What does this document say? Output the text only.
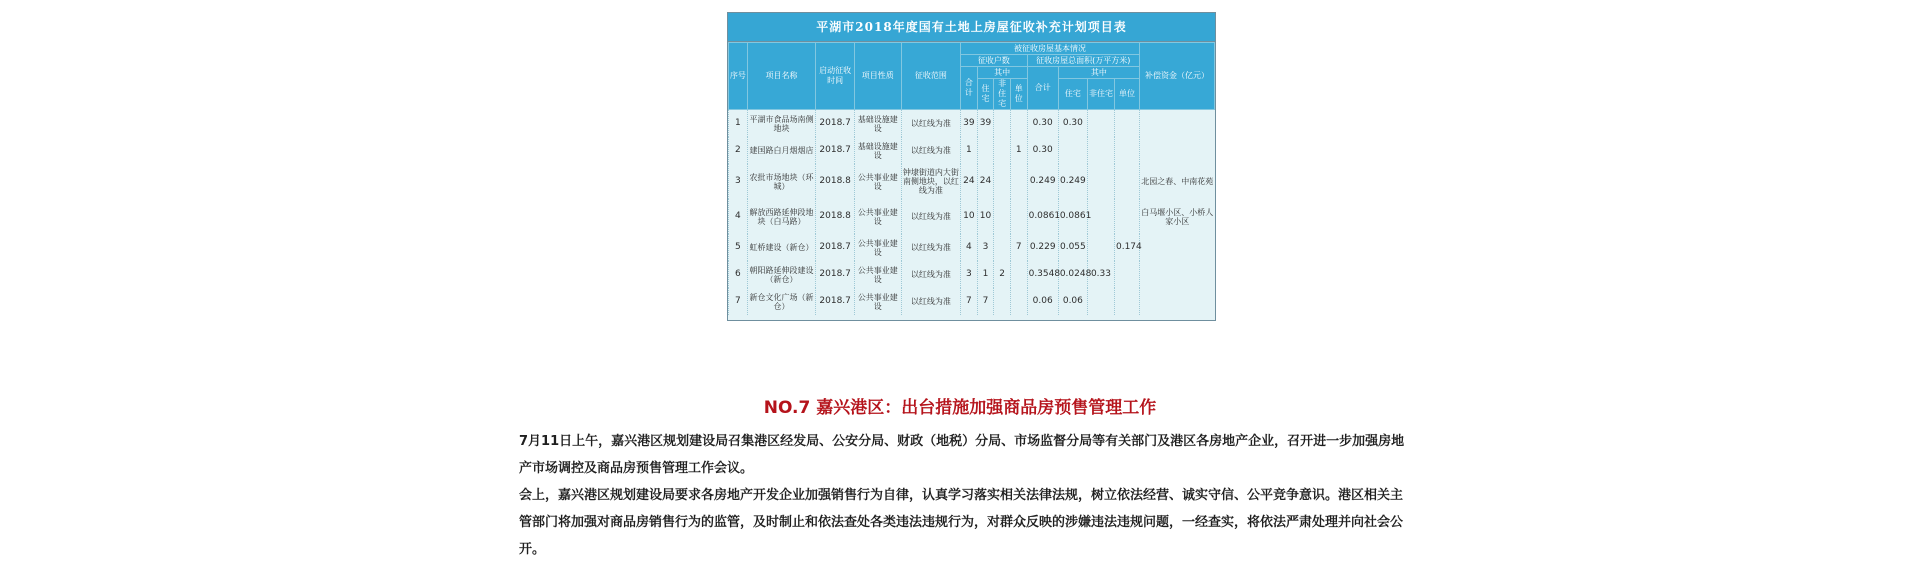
平湖市2018年度国有土地上房屋征收补充计划项目表
序号	项目名称	启动征收时间	项目性质	征收范围	被征收房屋基本情况								补偿资金（亿元）
					征收户数				征收房屋总面积(万平方米)				
					合计	其中			合计	其中			
						住宅	非住宅	单位		住宅	非住宅	单位	
1	平湖市食品场南侧地块	2018.7	基础设施建设	以红线为准	39	39			0.30	0.30			
2	建国路白月烟烟店	2018.7	基础设施建设	以红线为准	1			1	0.30				
3	农批市场地块（环城）	2018.8	公共事业建设	钟埭街道内大街南侧地块，以红线为准	24	24			0.249	0.249			北园之春、中南花苑
4	解放西路延伸段地块（白马路）	2018.8	公共事业建设	以红线为准	10	10			0.0861	0.0861			白马堰小区、小桥人家小区
5	虹桥建设（新仓）	2018.7	公共事业建设	以红线为准	4	3		7	0.229	0.055		0.174	
6	朝阳路延伸段建设（新仓）	2018.7	公共事业建设	以红线为准	3	1	2		0.3548	0.0248	0.33		
7	新仓文化广场（新仓）	2018.7	公共事业建设	以红线为准	7	7			0.06	0.06			
NO.7 嘉兴港区：出台措施加强商品房预售管理工作

7月11日上午，嘉兴港区规划建设局召集港区经发局、公安分局、财政（地税）分局、市场监督分局等有关部门及港区各房地产企业，召开进一步加强房地产市场调控及商品房预售管理工作会议。

会上，嘉兴港区规划建设局要求各房地产开发企业加强销售行为自律，认真学习落实相关法律法规，树立依法经营、诚实守信、公平竞争意识。港区相关主管部门将加强对商品房销售行为的监管，及时制止和依法查处各类违法违规行为，对群众反映的涉嫌违法违规问题，一经查实，将依法严肃处理并向社会公开。
